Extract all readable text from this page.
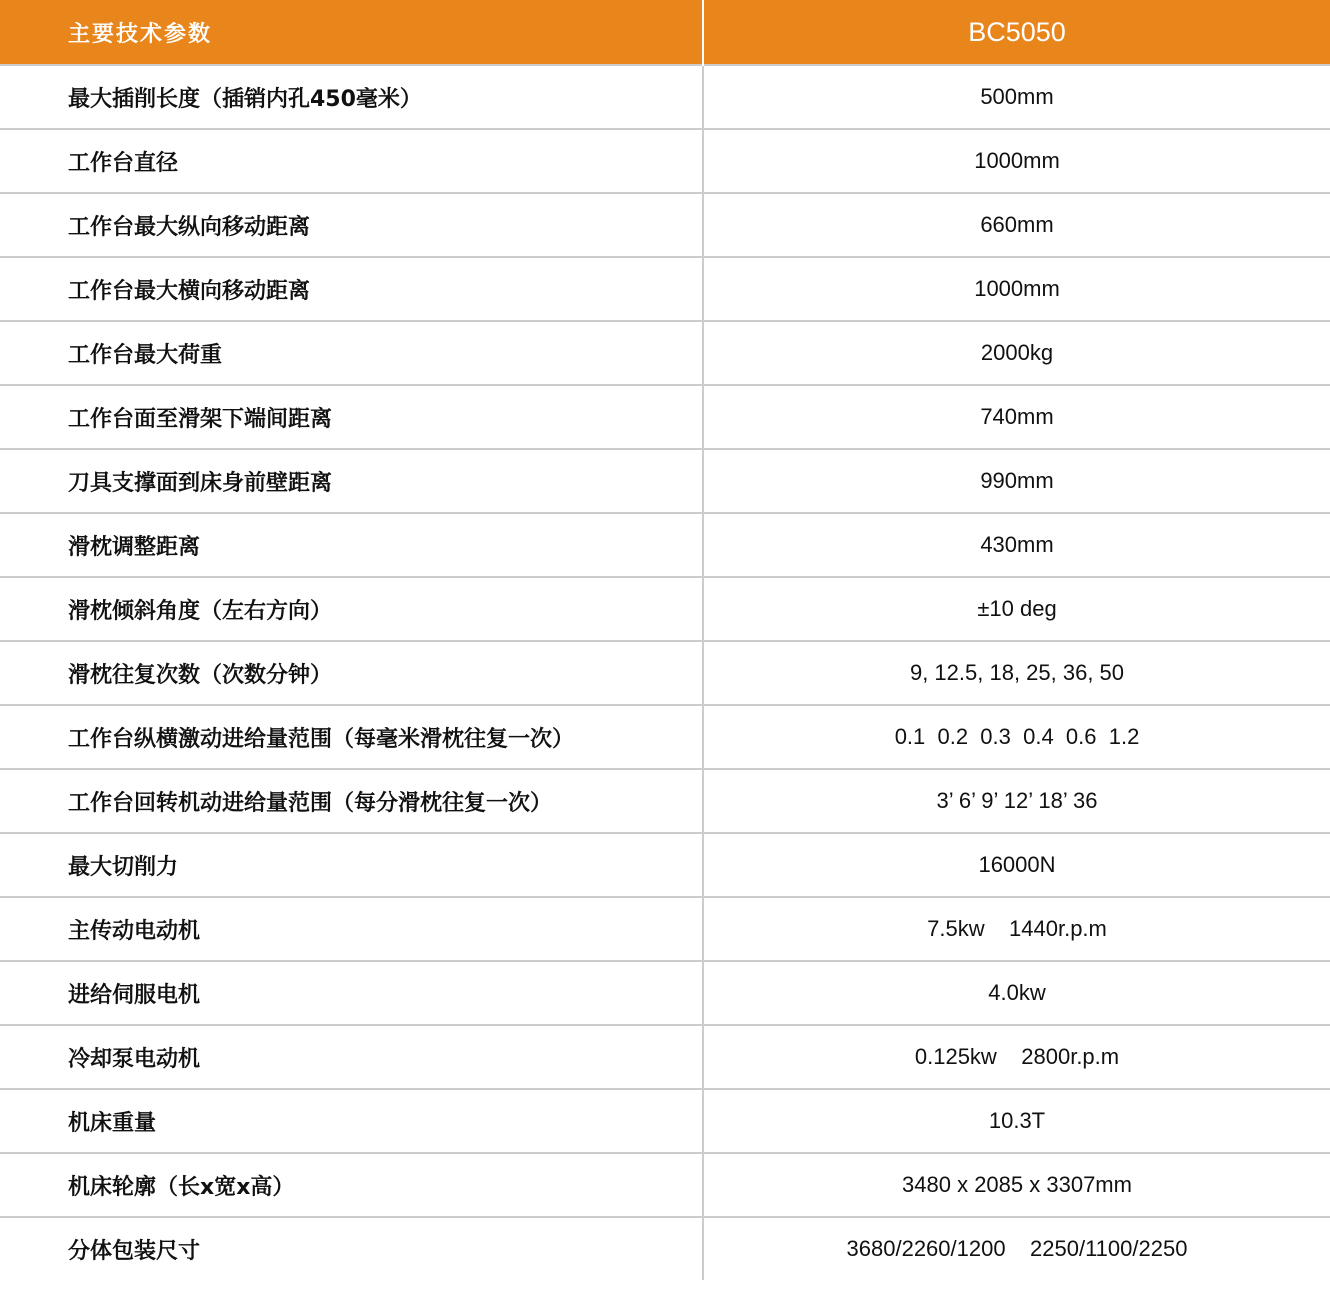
主要技术参数	BC5050
最大插削长度（插销内孔450毫米）	500mm
工作台直径	1000mm
工作台最大纵向移动距离	660mm
工作台最大横向移动距离	1000mm
工作台最大荷重	2000kg
工作台面至滑架下端间距离	740mm
刀具支撑面到床身前壁距离	990mm
滑枕调整距离	430mm
滑枕倾斜角度（左右方向）	±10 deg
滑枕往复次数（次数分钟）	9, 12.5, 18, 25, 36, 50
工作台纵横激动进给量范围（每毫米滑枕往复一次）	0.1  0.2  0.3  0.4  0.6  1.2
工作台回转机动进给量范围（每分滑枕往复一次）	3’ 6’ 9’ 12’ 18’ 36
最大切削力	16000N
主传动电动机	7.5kw    1440r.p.m
进给伺服电机	4.0kw
冷却泵电动机	0.125kw    2800r.p.m
机床重量	10.3T
机床轮廓（长x宽x高）	3480 x 2085 x 3307mm
分体包装尺寸	3680/2260/1200    2250/1100/2250
